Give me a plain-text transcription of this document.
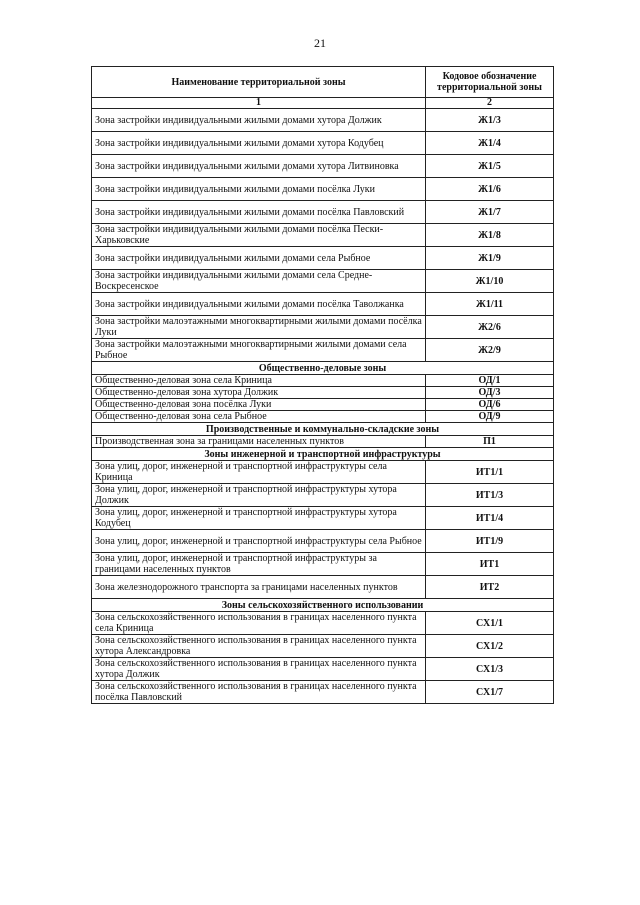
21
Наименование территориальной зоны	Кодовое обозначение территориальной зоны
1	2
Зона застройки индивидуальными жилыми домами хутора Должик	Ж1/3
Зона застройки индивидуальными жилыми домами хутора Кодубец	Ж1/4
Зона застройки индивидуальными жилыми домами хутора Литвиновка	Ж1/5
Зона застройки индивидуальными жилыми домами посёлка Луки	Ж1/6
Зона застройки индивидуальными жилыми домами посёлка Павловский	Ж1/7
Зона застройки индивидуальными жилыми домами посёлка Пески-Харьковские	Ж1/8
Зона застройки индивидуальными жилыми домами села Рыбное	Ж1/9
Зона застройки индивидуальными жилыми домами села Средне-Воскресенское	Ж1/10
Зона застройки индивидуальными жилыми домами посёлка Таволжанка	Ж1/11
Зона застройки малоэтажными многоквартирными жилыми домами посёлка Луки	Ж2/6
Зона застройки малоэтажными многоквартирными жилыми домами села Рыбное	Ж2/9
Общественно-деловые зоны	
Общественно-деловая зона села Криница	ОД/1
Общественно-деловая зона хутора Должик	ОД/3
Общественно-деловая зона посёлка Луки	ОД/6
Общественно-деловая зона села Рыбное	ОД/9
Производственные и коммунально-складские зоны	
Производственная зона за границами населенных пунктов	П1
Зоны инженерной и транспортной инфраструктуры	
Зона улиц, дорог, инженерной и транспортной инфраструктуры села Криница	ИТ1/1
Зона улиц, дорог, инженерной и транспортной инфраструктуры хутора Должик	ИТ1/3
Зона улиц, дорог, инженерной и транспортной инфраструктуры хутора Кодубец	ИТ1/4
Зона улиц, дорог, инженерной и транспортной инфраструктуры села Рыбное	ИТ1/9
Зона улиц, дорог, инженерной и транспортной инфраструктуры за границами населенных пунктов	ИТ1
Зона железнодорожного транспорта за границами населенных пунктов	ИТ2
Зоны сельскохозяйственного использовании	
Зона сельскохозяйственного использования в границах населенного пункта села Криница	СХ1/1
Зона сельскохозяйственного использования в границах населенного пункта хутора Александровка	СХ1/2
Зона сельскохозяйственного использования в границах населенного пункта хутора Должик	СХ1/3
Зона сельскохозяйственного использования в границах населенного пункта посёлка Павловский	СХ1/7
